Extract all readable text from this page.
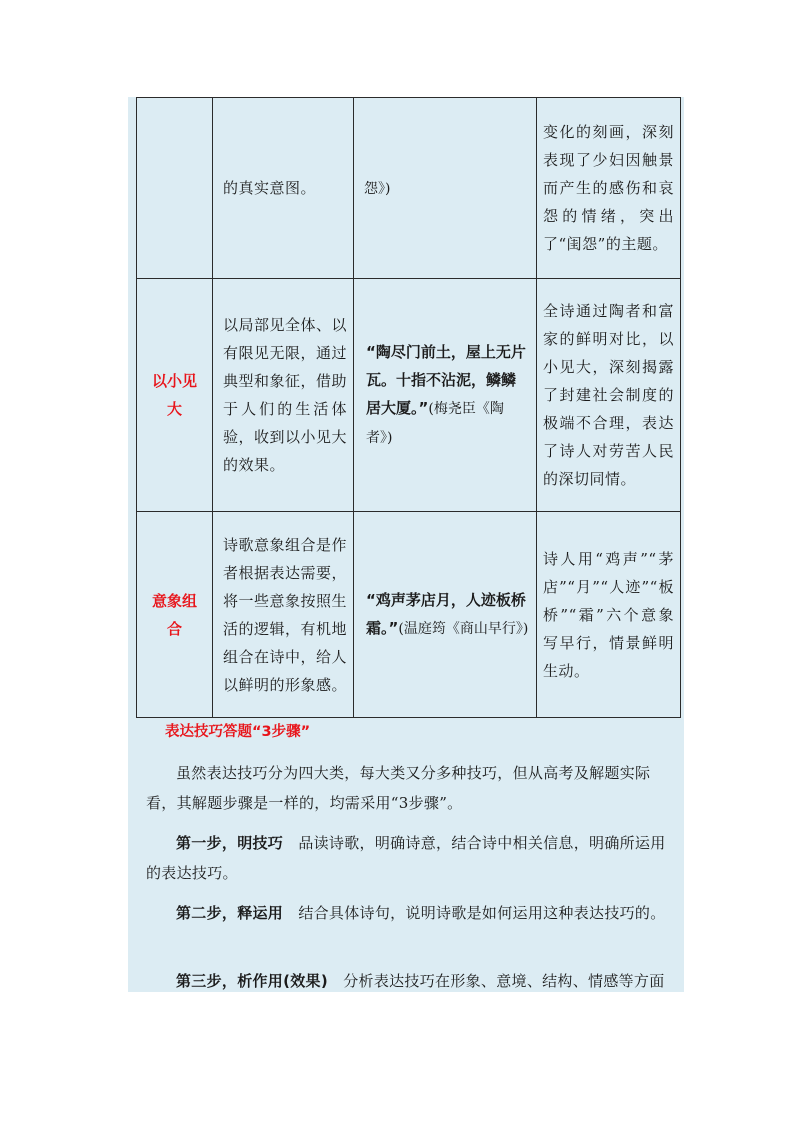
	的真实意图。	怨》)	变化的刻画，深刻表现了少妇因触景而产生的感伤和哀怨的情绪，突出了“闺怨”的主题。
以小见大	以局部见全体、以有限见无限，通过典型和象征，借助于人们的生活体验，收到以小见大的效果。	“陶尽门前土，屋上无片瓦。十指不沾泥，鳞鳞居大厦。”(梅尧臣《陶者》)	全诗通过陶者和富家的鲜明对比，以小见大，深刻揭露了封建社会制度的极端不合理，表达了诗人对劳苦人民的深切同情。
意象组合	诗歌意象组合是作者根据表达需要，将一些意象按照生活的逻辑，有机地组合在诗中，给人以鲜明的形象感。	“鸡声茅店月，人迹板桥霜。”(温庭筠《商山早行》)	诗人用“鸡声”“茅店”“月”“人迹”“板桥”“霜”六个意象写早行，情景鲜明生动。
表达技巧答题“3步骤”
虽然表达技巧分为四大类，每大类又分多种技巧，但从高考及解题实际看，其解题步骤是一样的，均需采用“3步骤”。
第一步，明技巧 品读诗歌，明确诗意，结合诗中相关信息，明确所运用的表达技巧。
第二步，释运用 结合具体诗句，说明诗歌是如何运用这种表达技巧的。
第三步，析作用(效果) 分析表达技巧在形象、意境、结构、情感等方面
